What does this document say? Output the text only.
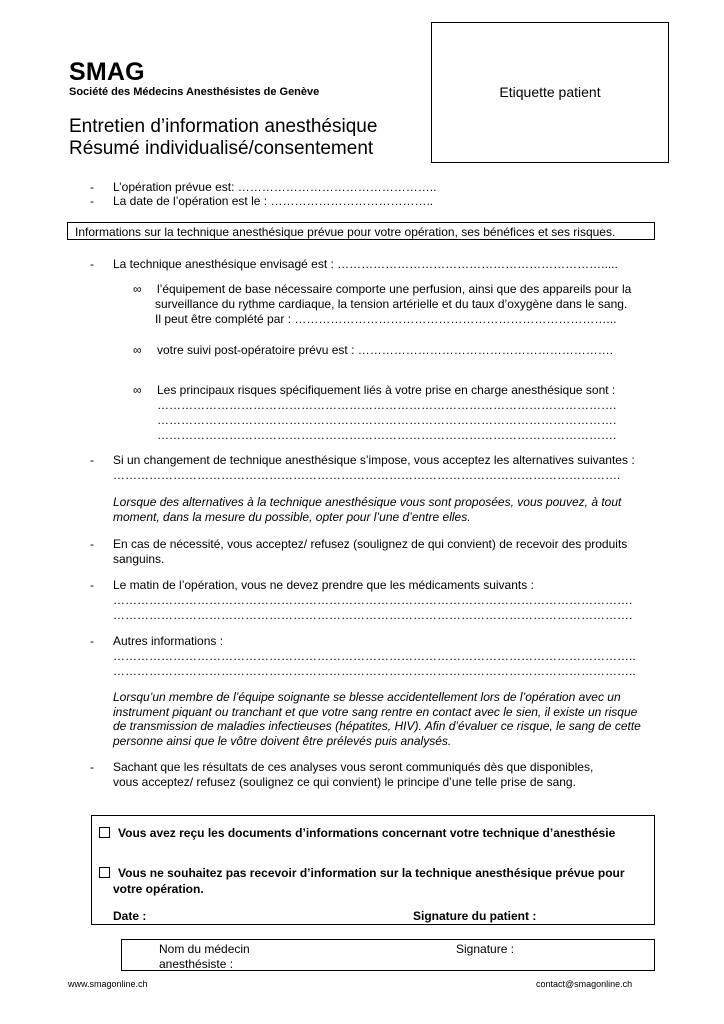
SMAG
Société des Médecins Anesthésistes de Genève
Entretien d’information anesthésique
Résumé individualisé/consentement
Etiquette patient
- L’opération prévue est: …………………………………………..
- La date de l’opération est le : …………………………………..
Informations sur la technique anesthésique prévue pour votre opération, ses bénéfices et ses risques.
- La technique anesthésique envisagé est : ………………………………………………………….....
∞ l’équipement de base nécessaire comporte une perfusion, ainsi que des appareils pour la
surveillance du rythme cardiaque, la tension artérielle et du taux d’oxygène dans le sang.
Il peut être complété par : ……………………………………………………………………...
∞ votre suivi post-opératoire prévu est : ……………………………………………………….
∞ Les principaux risques spécifiquement liés à votre prise en charge anesthésique sont :
…………………………………………………………………………………………………….
…………………………………………………………………………………………………….
…………………………………………………………………………………………………….
- Si un changement de technique anesthésique s’impose, vous acceptez les alternatives suivantes :
……………………………………………………………………………………………………………….
Lorsque des alternatives à la technique anesthésique vous sont proposées, vous pouvez, à tout
moment, dans la mesure du possible, opter pour l’une d’entre elles.
- En cas de nécessité, vous acceptez/ refusez (soulignez de qui convient) de recevoir des produits
sanguins.
- Le matin de l’opération, vous ne devez prendre que les médicaments suivants :
………………………………………………………………………………………………………………….
………………………………………………………………………………………………………………….
- Autres informations :
…………………………………………………………………………………………………………………..
…………………………………………………………………………………………………………………..
Lorsqu’un membre de l’équipe soignante se blesse accidentellement lors de l’opération avec un
instrument piquant ou tranchant et que votre sang rentre en contact avec le sien, il existe un risque
de transmission de maladies infectieuses (hépatites, HIV). Afin d’évaluer ce risque, le sang de cette
personne ainsi que le vôtre doivent être prélevés puis analysés.
- Sachant que les résultats de ces analyses vous seront communiqués dès que disponibles,
vous acceptez/ refusez (soulignez ce qui convient) le principe d’une telle prise de sang.
Vous avez reçu les documents d’informations concernant votre technique d’anesthésie
Vous ne souhaitez pas recevoir d’information sur la technique anesthésique prévue pour
votre opération.
Date :	Signature du patient :
Nom du médecin
anesthésiste :
Signature :
www.smagonline.ch	contact@smagonline.ch
